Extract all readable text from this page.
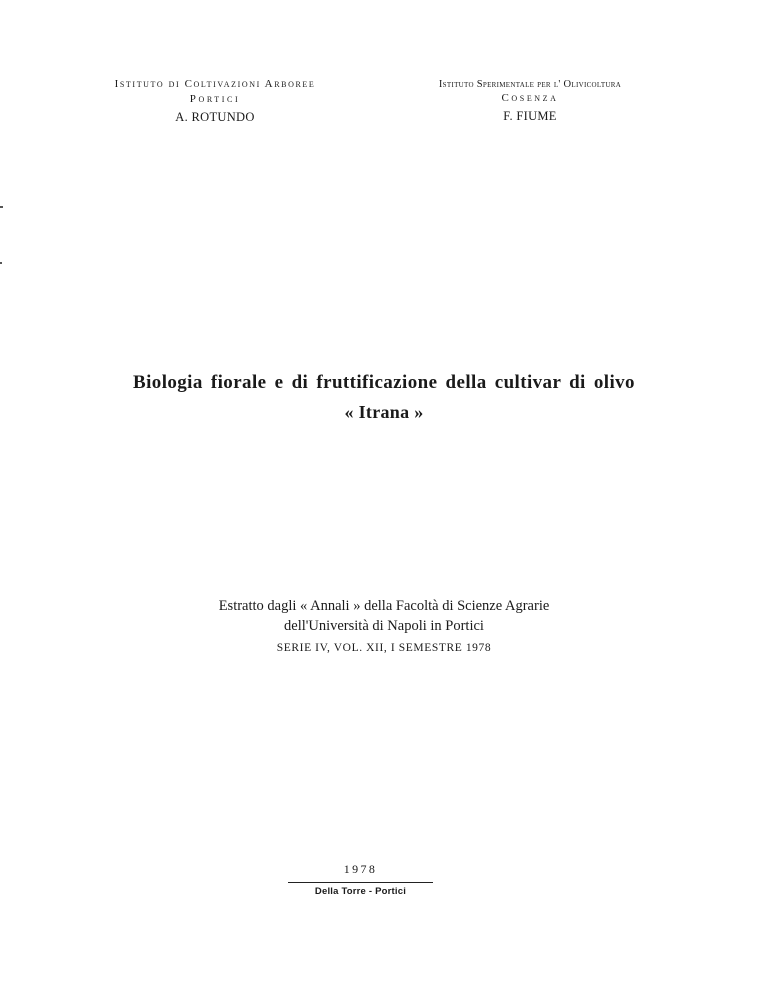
Istituto di Coltivazioni Arboree
Portici
A. ROTUNDO
Istituto Sperimentale per l' Olivicoltura
Cosenza
F. FIUME
Biologia fiorale e di fruttificazione della cultivar di olivo
« Itrana »
Estratto dagli « Annali » della Facoltà di Scienze Agrarie
dell'Università di Napoli in Portici
SERIE IV, VOL. XII, I SEMESTRE 1978
1978
Della Torre - Portici
